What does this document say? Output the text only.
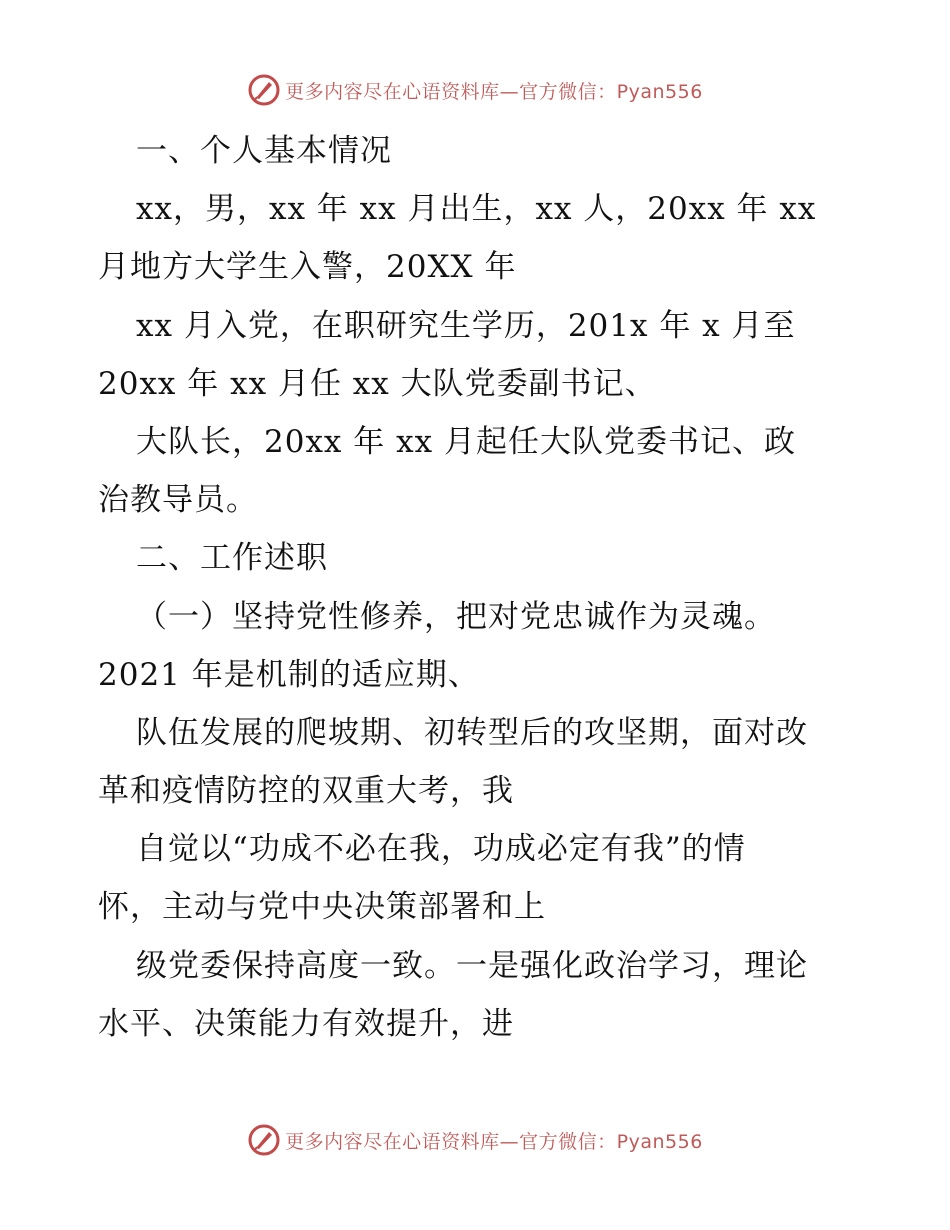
更多内容尽在心语资料库—官方微信：Pyan556
一、个人基本情况
xx，男，xx 年 xx 月出生，xx 人，20xx 年 xx
月地方大学生入警，20XX 年
xx 月入党，在职研究生学历，201x 年 x 月至
20xx 年 xx 月任 xx 大队党委副书记、
大队长，20xx 年 xx 月起任大队党委书记、政
治教导员。
二、工作述职
（一）坚持党性修养，把对党忠诚作为灵魂。
2021 年是机制的适应期、
队伍发展的爬坡期、初转型后的攻坚期，面对改
革和疫情防控的双重大考，我
自觉以“功成不必在我，功成必定有我”的情
怀，主动与党中央决策部署和上
级党委保持高度一致。一是强化政治学习，理论
水平、决策能力有效提升，进
更多内容尽在心语资料库—官方微信：Pyan556
